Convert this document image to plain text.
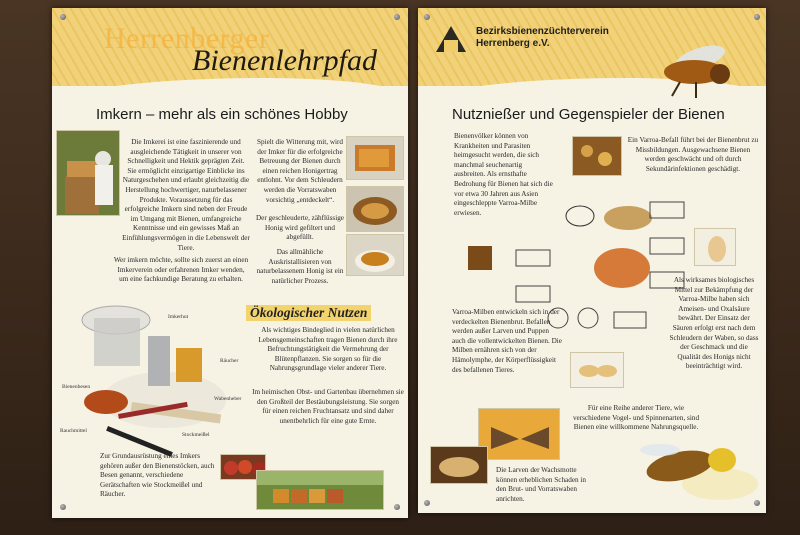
Herrenberger
Bienenlehrpfad
Imkern – mehr als ein schönes Hobby
Die Imkerei ist eine faszinierende und ausgleichende Tätigkeit in unserer von Schnelligkeit und Hektik geprägten Zeit. Sie ermöglicht einzigartige Einblicke ins Naturgeschehen und erlaubt gleichzeitig die Herstellung hochwertiger, naturbelassener Produkte. Voraussetzung für das erfolgreiche Imkern sind neben der Freude im Umgang mit Bienen, umfangreiche Kenntnisse und ein gewisses Maß an Einfühlungsvermögen in die Lebenswelt der Tiere.
Wer imkern möchte, sollte sich zuerst an einen Imkerverein oder erfahrenen Imker wenden, um eine fachkundige Beratung zu erhalten.
Spielt die Witterung mit, wird der Imker für die erfolgreiche Betreuung der Bienen durch einen reichen Honigertrag entlohnt. Vor dem Schleudern werden die Vorratswaben vorsichtig „entdeckelt“.
Der geschleuderte, zähflüssige Honig wird gefiltert und abgefüllt.
Das allmähliche Auskristallisieren von naturbelassenem Honig ist ein natürlicher Prozess.
Ökologischer Nutzen
Als wichtiges Bindeglied in vielen natürlichen Lebensgemeinschaften tragen Bienen durch ihre Befruchtungstätigkeit die Vermehrung der Blütenpflanzen. Sie sorgen so für die Nahrungsgrundlage vieler anderer Tiere.
Im heimischen Obst- und Gartenbau übernehmen sie den Großteil der Bestäubungsleistung. Sie sorgen für einen reichen Fruchtansatz und sind daher unentbehrlich für eine gute Ernte.
Imkerhut
Räucher
Bienenbesen
Wabenheber
Stockmeißel
Rauchmittel
Zur Grundausrüstung eines Imkers gehören außer den Bienenstöcken, auch Besen genannt, verschiedene Gerätschaften wie Stockmeißel und Räucher.
Bezirksbienenzüchterverein
Herrenberg e.V.
Nutznießer und Gegenspieler der Bienen
Bienenvölker können von Krankheiten und Parasiten heimgesucht werden, die sich manchmal seuchenartig ausbreiten. Als ernsthafte Bedrohung für Bienen hat sich die vor etwa 30 Jahren aus Asien eingeschleppte Varroa-Milbe erwiesen.
Ein Varroa-Befall führt bei der Bienenbrut zu Missbildungen. Ausgewachsene Bienen werden geschwächt und oft durch Sekundärinfektionen geschädigt.
Als wirksames biologisches Mittel zur Bekämpfung der Varroa-Milbe haben sich Ameisen- und Oxalsäure bewährt. Der Einsatz der Säuren erfolgt erst nach dem Schleudern der Waben, so dass der Geschmack und die Qualität des Honigs nicht beeinträchtigt wird.
Varroa-Milben entwickeln sich in der verdeckelten Bienenbrut. Befallen werden außer Larven und Puppen auch die vollentwickelten Bienen. Die Milben ernähren sich von der Hämolymphe, der Körperflüssigkeit des befallenen Tieres.
Für eine Reihe anderer Tiere, wie verschiedene Vogel- und Spinnenarten, sind Bienen eine willkommene Nahrungsquelle.
Die Larven der Wachsmotte können erheblichen Schaden in den Brut- und Vorratswaben anrichten.
